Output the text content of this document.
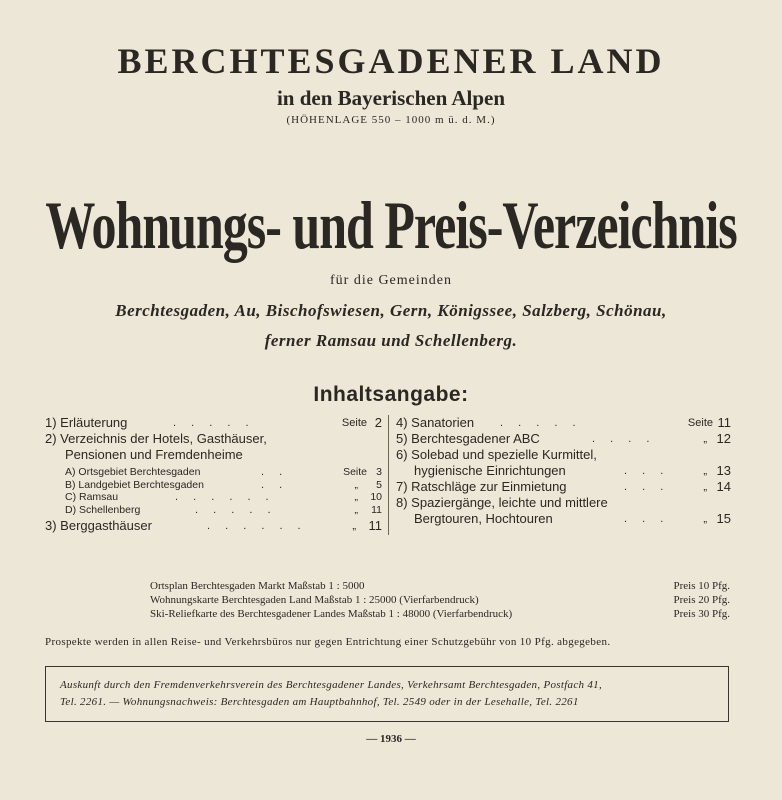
BERCHTESGADENER LAND
in den Bayerischen Alpen
(HÖHENLAGE 550 – 1000 m ü. d. M.)
Wohnungs- und Preis-Verzeichnis
für die Gemeinden
Berchtesgaden, Au, Bischofswiesen, Gern, Königssee, Salzberg, Schönau,
ferner Ramsau und Schellenberg.
Inhaltsangabe:
1) Erläuterung	. . . . .	Seite 2
2) Verzeichnis der Hotels, Gasthäuser,
Pensionen und Fremdenheime
A) Ortsgebiet Berchtesgaden	. .	Seite 3
B) Landgebiet Berchtesgaden	. .	„ 5
C) Ramsau	. . . . . .	„ 10
D) Schellenberg	. . . . .	„ 11
3) Berggasthäuser	. . . . . .	„ 11
4) Sanatorien . . . . .	Seite 11
5) Berchtesgadener ABC	. . . .	„ 12
6) Solebad und spezielle Kurmittel,
hygienische Einrichtungen	. . .	„ 13
7) Ratschläge zur Einmietung	. . .	„ 14
8) Spaziergänge, leichte und mittlere
Bergtouren, Hochtouren	. . .	„ 15
Ortsplan Berchtesgaden Markt Maßstab 1 : 5000	Preis 10 Pfg.
Wohnungskarte Berchtesgaden Land Maßstab 1 : 25000 (Vierfarbendruck)	Preis 20 Pfg.
Ski-Reliefkarte des Berchtesgadener Landes Maßstab 1 : 48000 (Vierfarbendruck)	Preis 30 Pfg.
Prospekte werden in allen Reise- und Verkehrsbüros nur gegen Entrichtung einer Schutzgebühr von 10 Pfg. abgegeben.
Auskunft durch den Fremdenverkehrsverein des Berchtesgadener Landes, Verkehrsamt Berchtesgaden, Postfach 41,
Tel. 2261. — Wohnungsnachweis: Berchtesgaden am Hauptbahnhof, Tel. 2549 oder in der Lesehalle, Tel. 2261
— 1936 —
